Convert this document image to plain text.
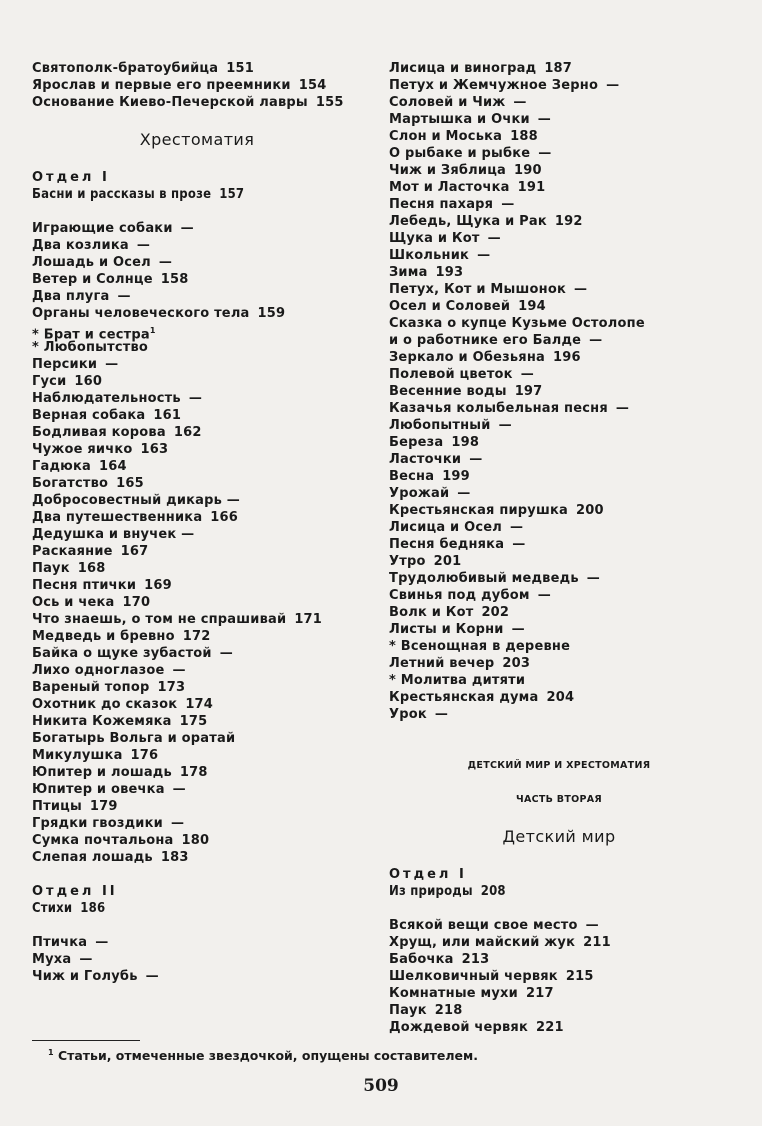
Святополк-братоубийца 151
Ярослав и первые его преемники 154
Основание Киево-Печерской лавры 155
Хрестоматия
Отдел I
Басни и рассказы в прозе 157
Играющие собаки —
Два козлика —
Лошадь и Осел —
Ветер и Солнце 158
Два плуга —
Органы человеческого тела 159
* Брат и сестра$^1$
* Любопытство
Персики —
Гуси 160
Наблюдательность —
Верная собака 161
Бодливая корова 162
Чужое яичко 163
Гадюка 164
Богатство 165
Добросовестный дикарь —
Два путешественника 166
Дедушка и внучек —
Раскаяние 167
Паук 168
Песня птички 169
Ось и чека 170
Что знаешь, о том не спрашивай 171
Медведь и бревно 172
Байка о щуке зубастой —
Лихо одноглазое —
Вареный топор 173
Охотник до сказок 174
Никита Кожемяка 175
Богатырь Вольга и оратай
Микулушка 176
Юпитер и лошадь 178
Юпитер и овечка —
Птицы 179
Грядки гвоздики —
Сумка почтальона 180
Слепая лошадь 183
Отдел II
Стихи 186
Птичка —
Муха —
Чиж и Голубь —
Лисица и виноград 187
Петух и Жемчужное Зерно —
Соловей и Чиж —
Мартышка и Очки —
Слон и Моська 188
О рыбаке и рыбке —
Чиж и Зяблица 190
Мот и Ласточка 191
Песня пахаря —
Лебедь, Щука и Рак 192
Щука и Кот —
Школьник —
Зима 193
Петух, Кот и Мышонок —
Осел и Соловей 194
Сказка о купце Кузьме Остолопе
и о работнике его Балде —
Зеркало и Обезьяна 196
Полевой цветок —
Весенние воды 197
Казачья колыбельная песня —
Любопытный —
Береза 198
Ласточки —
Весна 199
Урожай —
Крестьянская пирушка 200
Лисица и Осел —
Песня бедняка —
Утро 201
Трудолюбивый медведь —
Свинья под дубом —
Волк и Кот 202
Листы и Корни —
* Всенощная в деревне
Летний вечер 203
* Молитва дитяти
Крестьянская дума 204
Урок —
ДЕТСКИЙ МИР И ХРЕСТОМАТИЯ
ЧАСТЬ ВТОРАЯ
Детский мир
Отдел I
Из природы 208
Всякой вещи свое место —
Хрущ, или майский жук 211
Бабочка 213
Шелковичный червяк 215
Комнатные мухи 217
Паук 218
Дождевой червяк 221
$^1$ Статьи, отмеченные звездочкой, опущены составителем.
509
